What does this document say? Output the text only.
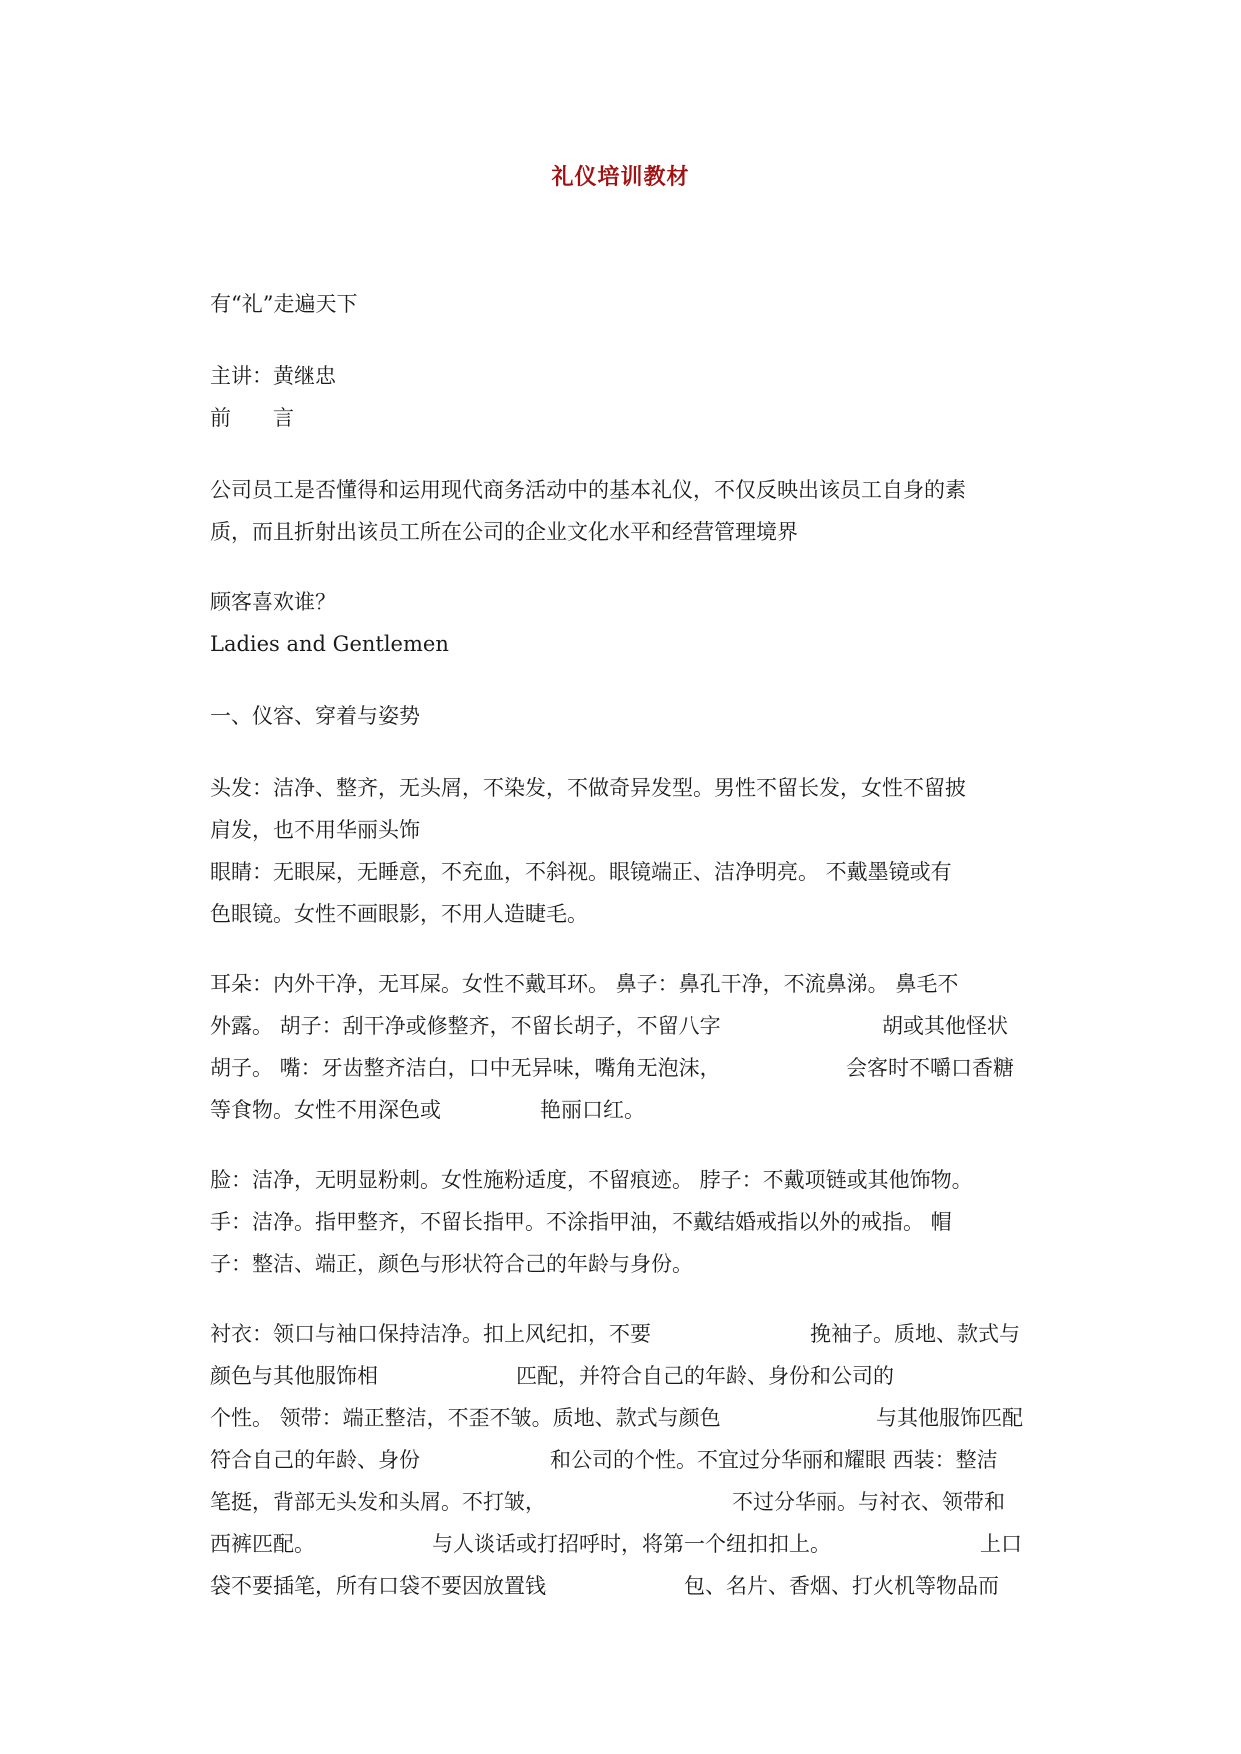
礼仪培训教材
有“礼”走遍天下
主讲：黄继忠
前　　言
公司员工是否懂得和运用现代商务活动中的基本礼仪，不仅反映出该员工自身的素
质，而且折射出该员工所在公司的企业文化水平和经营管理境界
顾客喜欢谁？
Ladies and Gentlemen
一、仪容、穿着与姿势
头发：洁净、整齐，无头屑，不染发，不做奇异发型。男性不留长发，女性不留披
肩发，也不用华丽头饰
眼睛：无眼屎，无睡意，不充血，不斜视。眼镜端正、洁净明亮。 不戴墨镜或有
色眼镜。女性不画眼影，不用人造睫毛。
耳朵：内外干净，无耳屎。女性不戴耳环。 鼻子：鼻孔干净，不流鼻涕。 鼻毛不
外露。 胡子：刮干净或修整齐，不留长胡子，不留八字	胡或其他怪状
胡子。 嘴：牙齿整齐洁白，口中无异味，嘴角无泡沫，	会客时不嚼口香糖
等食物。女性不用深色或	艳丽口红。
脸：洁净，无明显粉刺。女性施粉适度，不留痕迹。 脖子：不戴项链或其他饰物。
手：洁净。指甲整齐，不留长指甲。不涂指甲油，不戴结婚戒指以外的戒指。 帽
子：整洁、端正，颜色与形状符合己的年龄与身份。
衬衣：领口与袖口保持洁净。扣上风纪扣，不要	挽袖子。质地、款式与
颜色与其他服饰相	匹配，并符合自己的年龄、身份和公司的
个性。 领带：端正整洁，不歪不皱。质地、款式与颜色	与其他服饰匹配
符合自己的年龄、身份	和公司的个性。不宜过分华丽和耀眼 西装：整洁
笔挺，背部无头发和头屑。不打皱，	不过分华丽。与衬衣、领带和
西裤匹配。	与人谈话或打招呼时，将第一个纽扣扣上。	上口
袋不要插笔，所有口袋不要因放置钱	包、名片、香烟、打火机等物品而
